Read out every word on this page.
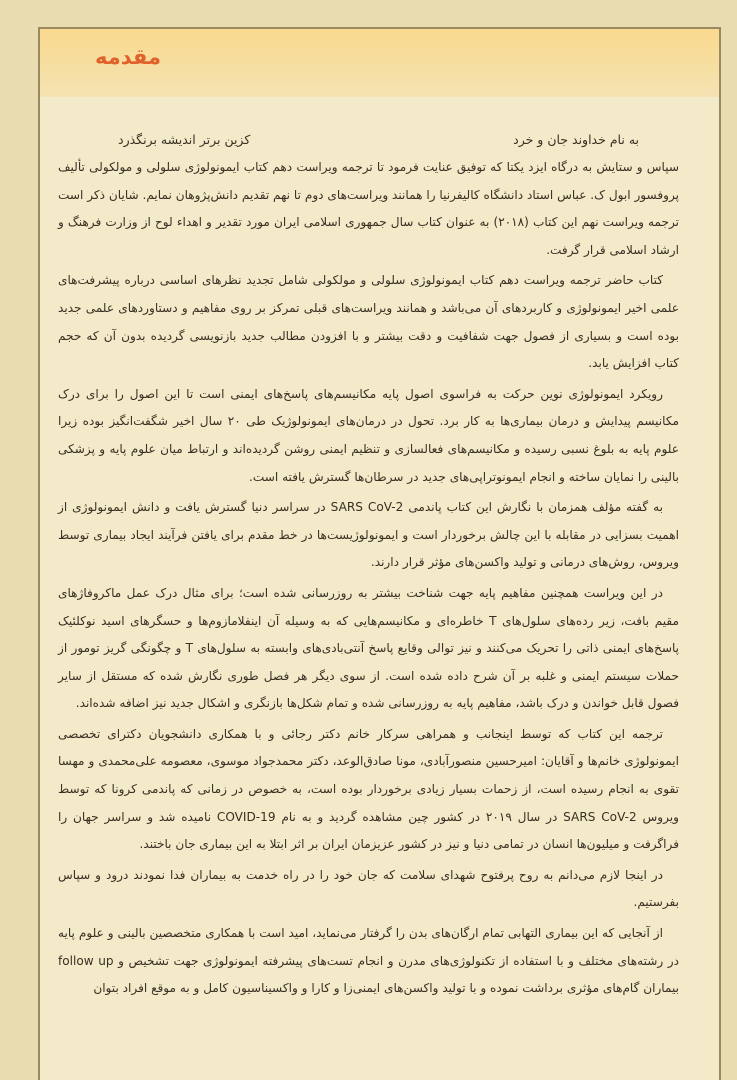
مقدمه
به نام خداوند جان و خرد
کزین برتر اندیشه برنگذرد

سپاس و ستایش به درگاه ایزد یکتا که توفیق عنایت فرمود تا ترجمه ویراست دهم کتاب ایمونولوژی سلولی و مولکولی تألیف پروفسور ابول ک. عباس استاد دانشگاه کالیفرنیا را همانند ویراست‌های دوم تا نهم تقدیم دانش‌پژوهان نمایم. شایان ذکر است ترجمه ویراست نهم این کتاب (۲۰۱۸) به عنوان کتاب سال جمهوری اسلامی ایران مورد تقدیر و اهداء لوح از وزارت فرهنگ و ارشاد اسلامی قرار گرفت.

کتاب حاضر ترجمه ویراست دهم کتاب ایمونولوژی سلولی و مولکولی شامل تجدید نظرهای اساسی درباره پیشرفت‌های علمی اخیر ایمونولوژی و کاربردهای آن می‌باشد و همانند ویراست‌های قبلی تمرکز بر روی مفاهیم و دستاوردهای علمی جدید بوده است و بسیاری از فصول جهت شفافیت و دقت بیشتر و با افزودن مطالب جدید بازنویسی گردیده بدون آن که حجم کتاب افزایش یابد.

رویکرد ایمونولوژی نوین حرکت به فراسوی اصول پایه مکانیسم‌های پاسخ‌های ایمنی است تا این اصول را برای درک مکانیسم پیدایش و درمان بیماری‌ها به کار برد. تحول در درمان‌های ایمونولوژیک طی ۲۰ سال اخیر شگفت‌انگیز بوده زیرا علوم پایه به بلوغ نسبی رسیده و مکانیسم‌های فعالسازی و تنظیم ایمنی روشن گردیده‌اند و ارتباط میان علوم پایه و پزشکی بالینی را نمایان ساخته و انجام ایمونوتراپی‌های جدید در سرطان‌ها گسترش یافته است.

به گفته مؤلف همزمان با نگارش این کتاب پاندمی SARS CoV-2 در سراسر دنیا گسترش یافت و دانش ایمونولوژی از اهمیت بسزایی در مقابله با این چالش برخوردار است و ایمونولوژیست‌ها در خط مقدم برای یافتن فرآیند ایجاد بیماری توسط ویروس، روش‌های درمانی و تولید واکسن‌های مؤثر قرار دارند.

در این ویراست همچنین مفاهیم پایه جهت شناخت بیشتر به روزرسانی شده است؛ برای مثال درک عمل ماکروفاژهای مقیم بافت، زیر رده‌های سلول‌های T خاطره‌ای و مکانیسم‌هایی که به وسیله آن اینفلامازوم‌ها و حسگرهای اسید نوکلئیک پاسخ‌های ایمنی ذاتی را تحریک می‌کنند و نیز توالی وقایع پاسخ آنتی‌بادی‌های وابسته به سلول‌های T و چگونگی گریز تومور از حملات سیستم ایمنی و غلبه بر آن شرح داده شده است. از سوی دیگر هر فصل طوری نگارش شده که مستقل از سایر فصول قابل خواندن و درک باشد، مفاهیم پایه به روزرسانی شده و تمام شکل‌ها بازنگری و اشکال جدید نیز اضافه شده‌اند.

ترجمه این کتاب که توسط اینجانب و همراهی سرکار خانم دکتر رجائی و با همکاری دانشجویان دکترای تخصصی ایمونولوژی خانم‌ها و آقایان: امیرحسین منصورآبادی، مونا صادق‌الوعد، دکتر محمدجواد موسوی، معصومه علی‌محمدی و مهسا تقوی به انجام رسیده است، از زحمات بسیار زیادی برخوردار بوده است، به خصوص در زمانی که پاندمی کرونا که توسط ویروس SARS CoV-2 در سال ۲۰۱۹ در کشور چین مشاهده گردید و به نام COVID-19 نامیده شد و سراسر جهان را فراگرفت و میلیون‌ها انسان در تمامی دنیا و نیز در کشور عزیزمان ایران بر اثر ابتلا به این بیماری جان باختند.

در اینجا لازم می‌دانم به روح پرفتوح شهدای سلامت که جان خود را در راه خدمت به بیماران فدا نمودند درود و سپاس بفرستیم.

از آنجایی که این بیماری التهابی تمام ارگان‌های بدن را گرفتار می‌نماید، امید است با همکاری متخصصین بالینی و علوم پایه در رشته‌های مختلف و با استفاده از تکنولوژی‌های مدرن و انجام تست‌های پیشرفته ایمونولوژی جهت تشخیص و follow up بیماران گام‌های مؤثری برداشت نموده و با تولید واکسن‌های ایمنی‌زا و کارا و واکسیناسیون کامل و به موقع افراد بتوان
